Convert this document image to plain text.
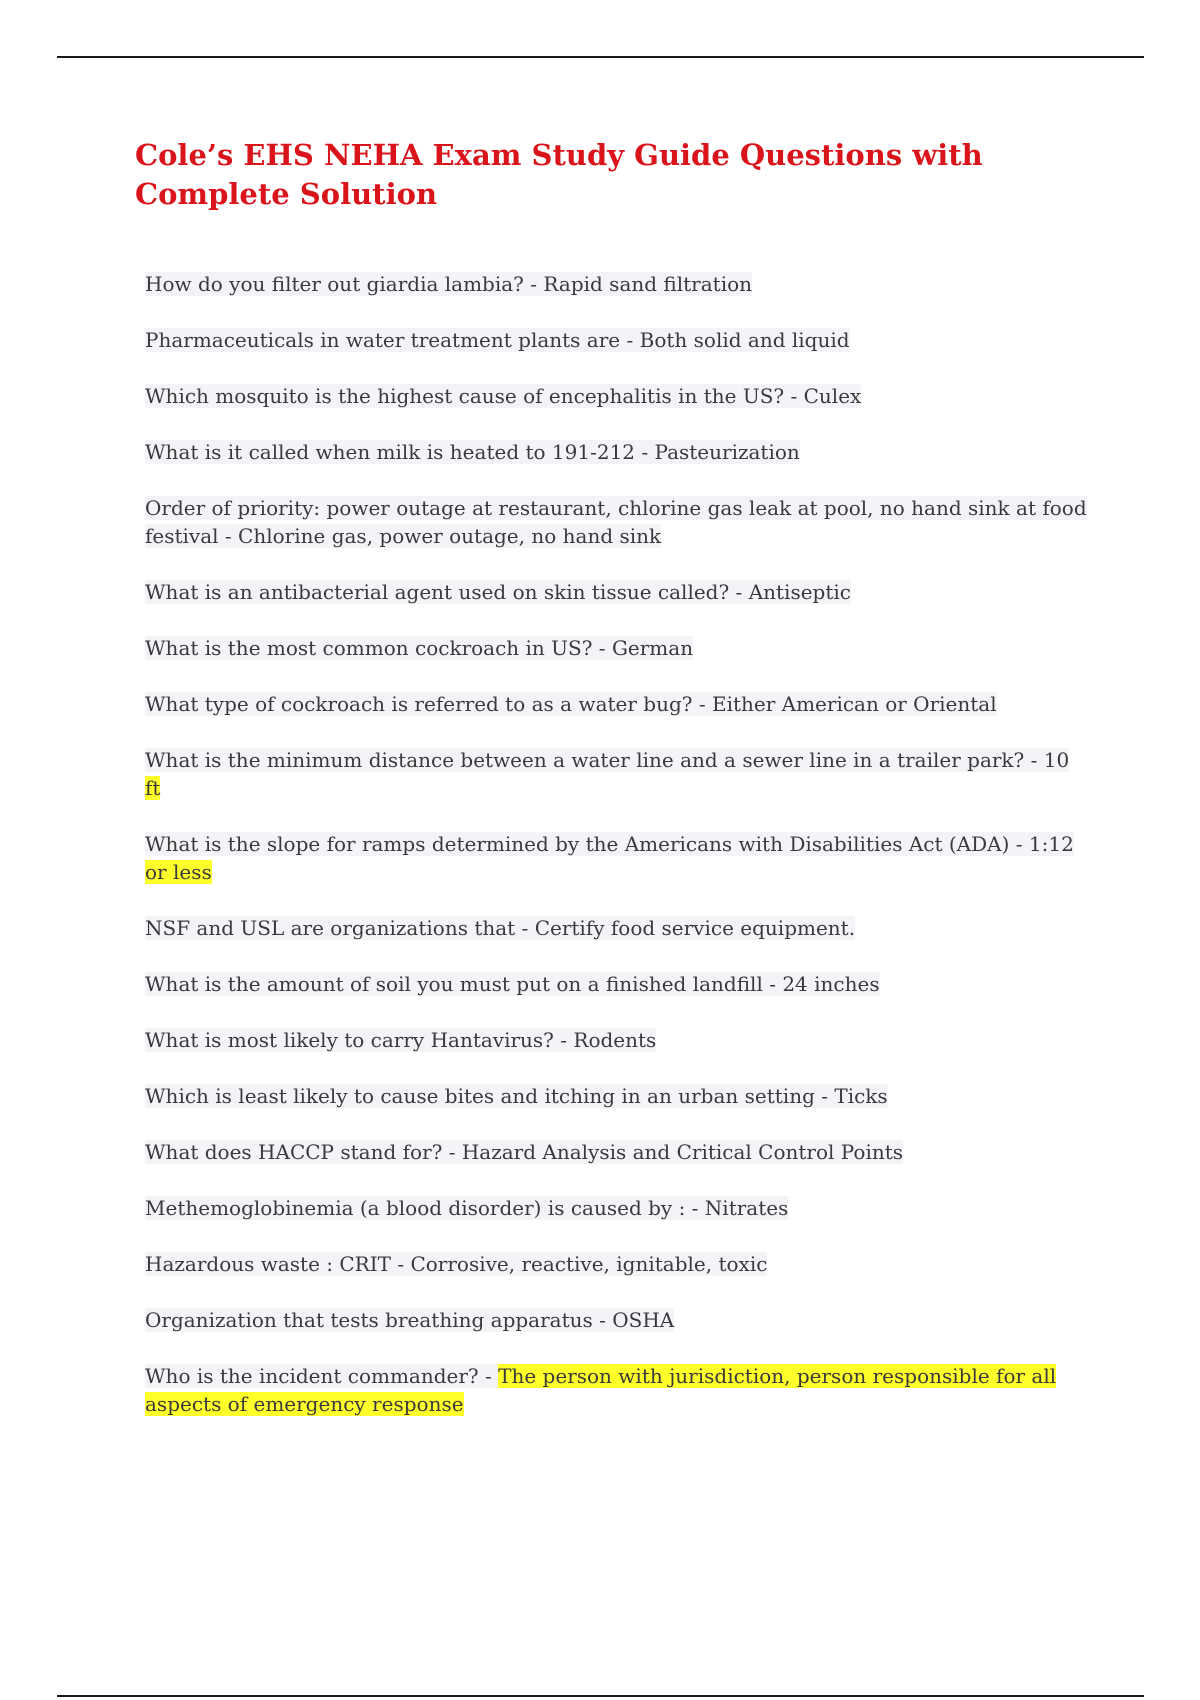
Cole’s EHS NEHA Exam Study Guide Questions with Complete Solution
How do you filter out giardia lambia? - Rapid sand filtration
Pharmaceuticals in water treatment plants are - Both solid and liquid
Which mosquito is the highest cause of encephalitis in the US? - Culex
What is it called when milk is heated to 191-212 - Pasteurization
Order of priority: power outage at restaurant, chlorine gas leak at pool, no hand sink at food festival - Chlorine gas, power outage, no hand sink
What is an antibacterial agent used on skin tissue called? - Antiseptic
What is the most common cockroach in US? - German
What type of cockroach is referred to as a water bug? - Either American or Oriental
What is the minimum distance between a water line and a sewer line in a trailer park? - 10 ft
What is the slope for ramps determined by the Americans with Disabilities Act (ADA) - 1:12 or less
NSF and USL are organizations that - Certify food service equipment.
What is the amount of soil you must put on a finished landfill - 24 inches
What is most likely to carry Hantavirus? - Rodents
Which is least likely to cause bites and itching in an urban setting - Ticks
What does HACCP stand for? - Hazard Analysis and Critical Control Points
Methemoglobinemia (a blood disorder) is caused by : - Nitrates
Hazardous waste : CRIT - Corrosive, reactive, ignitable, toxic
Organization that tests breathing apparatus - OSHA
Who is the incident commander? - The person with jurisdiction, person responsible for all aspects of emergency response
